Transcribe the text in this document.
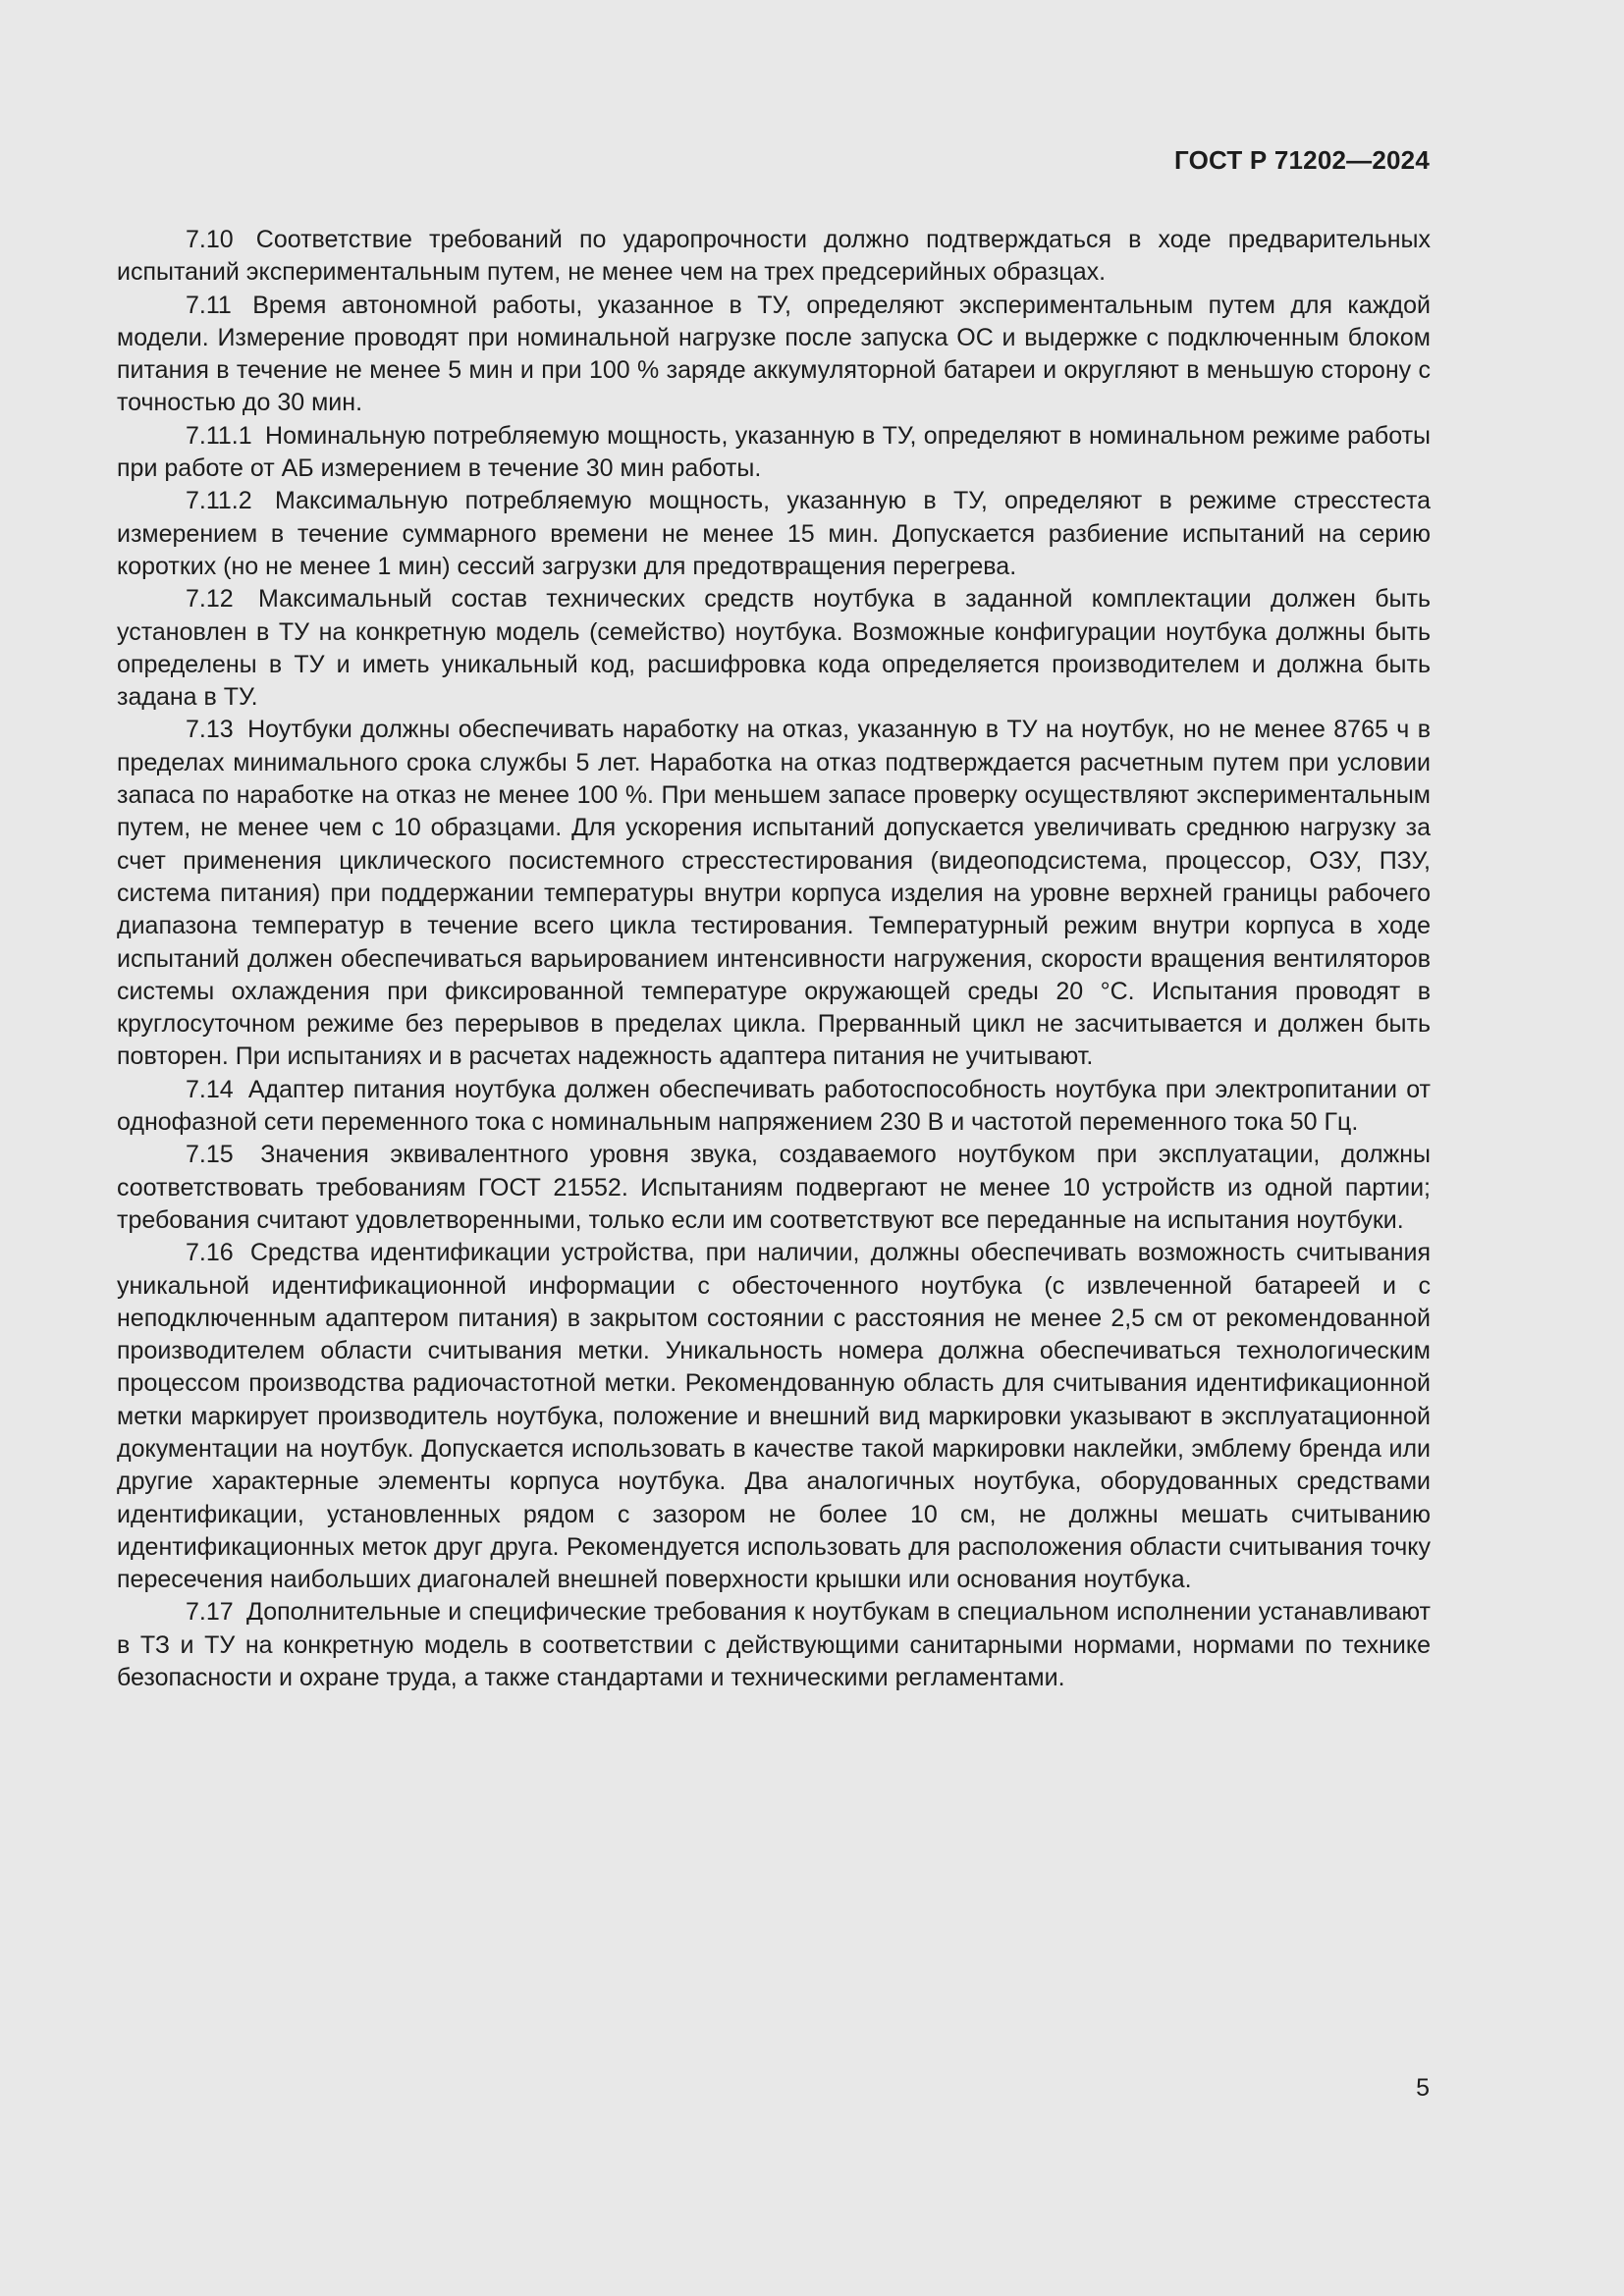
ГОСТ Р 71202—2024

7.10 Соответствие требований по ударопрочности должно подтверждаться в ходе предварительных испытаний экспериментальным путем, не менее чем на трех предсерийных образцах.

7.11 Время автономной работы, указанное в ТУ, определяют экспериментальным путем для каждой модели. Измерение проводят при номинальной нагрузке после запуска ОС и выдержке с подключенным блоком питания в течение не менее 5 мин и при 100 % заряде аккумуляторной батареи и округляют в меньшую сторону с точностью до 30 мин.

7.11.1 Номинальную потребляемую мощность, указанную в ТУ, определяют в номинальном режиме работы при работе от АБ измерением в течение 30 мин работы.

7.11.2 Максимальную потребляемую мощность, указанную в ТУ, определяют в режиме стресстеста измерением в течение суммарного времени не менее 15 мин. Допускается разбиение испытаний на серию коротких (но не менее 1 мин) сессий загрузки для предотвращения перегрева.

7.12 Максимальный состав технических средств ноутбука в заданной комплектации должен быть установлен в ТУ на конкретную модель (семейство) ноутбука. Возможные конфигурации ноутбука должны быть определены в ТУ и иметь уникальный код, расшифровка кода определяется производителем и должна быть задана в ТУ.

7.13 Ноутбуки должны обеспечивать наработку на отказ, указанную в ТУ на ноутбук, но не менее 8765 ч в пределах минимального срока службы 5 лет. Наработка на отказ подтверждается расчетным путем при условии запаса по наработке на отказ не менее 100 %. При меньшем запасе проверку осуществляют экспериментальным путем, не менее чем с 10 образцами. Для ускорения испытаний допускается увеличивать среднюю нагрузку за счет применения циклического посистемного стресстестирования (видеоподсистема, процессор, ОЗУ, ПЗУ, система питания) при поддержании температуры внутри корпуса изделия на уровне верхней границы рабочего диапазона температур в течение всего цикла тестирования. Температурный режим внутри корпуса в ходе испытаний должен обеспечиваться варьированием интенсивности нагружения, скорости вращения вентиляторов системы охлаждения при фиксированной температуре окружающей среды 20 °С. Испытания проводят в круглосуточном режиме без перерывов в пределах цикла. Прерванный цикл не засчитывается и должен быть повторен. При испытаниях и в расчетах надежность адаптера питания не учитывают.

7.14 Адаптер питания ноутбука должен обеспечивать работоспособность ноутбука при электропитании от однофазной сети переменного тока с номинальным напряжением 230 В и частотой переменного тока 50 Гц.

7.15 Значения эквивалентного уровня звука, создаваемого ноутбуком при эксплуатации, должны соответствовать требованиям ГОСТ 21552. Испытаниям подвергают не менее 10 устройств из одной партии; требования считают удовлетворенными, только если им соответствуют все переданные на испытания ноутбуки.

7.16 Средства идентификации устройства, при наличии, должны обеспечивать возможность считывания уникальной идентификационной информации с обесточенного ноутбука (с извлеченной батареей и с неподключенным адаптером питания) в закрытом состоянии с расстояния не менее 2,5 см от рекомендованной производителем области считывания метки. Уникальность номера должна обеспечиваться технологическим процессом производства радиочастотной метки. Рекомендованную область для считывания идентификационной метки маркирует производитель ноутбука, положение и внешний вид маркировки указывают в эксплуатационной документации на ноутбук. Допускается использовать в качестве такой маркировки наклейки, эмблему бренда или другие характерные элементы корпуса ноутбука. Два аналогичных ноутбука, оборудованных средствами идентификации, установленных рядом с зазором не более 10 см, не должны мешать считыванию идентификационных меток друг друга. Рекомендуется использовать для расположения области считывания точку пересечения наибольших диагоналей внешней поверхности крышки или основания ноутбука.

7.17 Дополнительные и специфические требования к ноутбукам в специальном исполнении устанавливают в ТЗ и ТУ на конкретную модель в соответствии с действующими санитарными нормами, нормами по технике безопасности и охране труда, а также стандартами и техническими регламентами.

5
